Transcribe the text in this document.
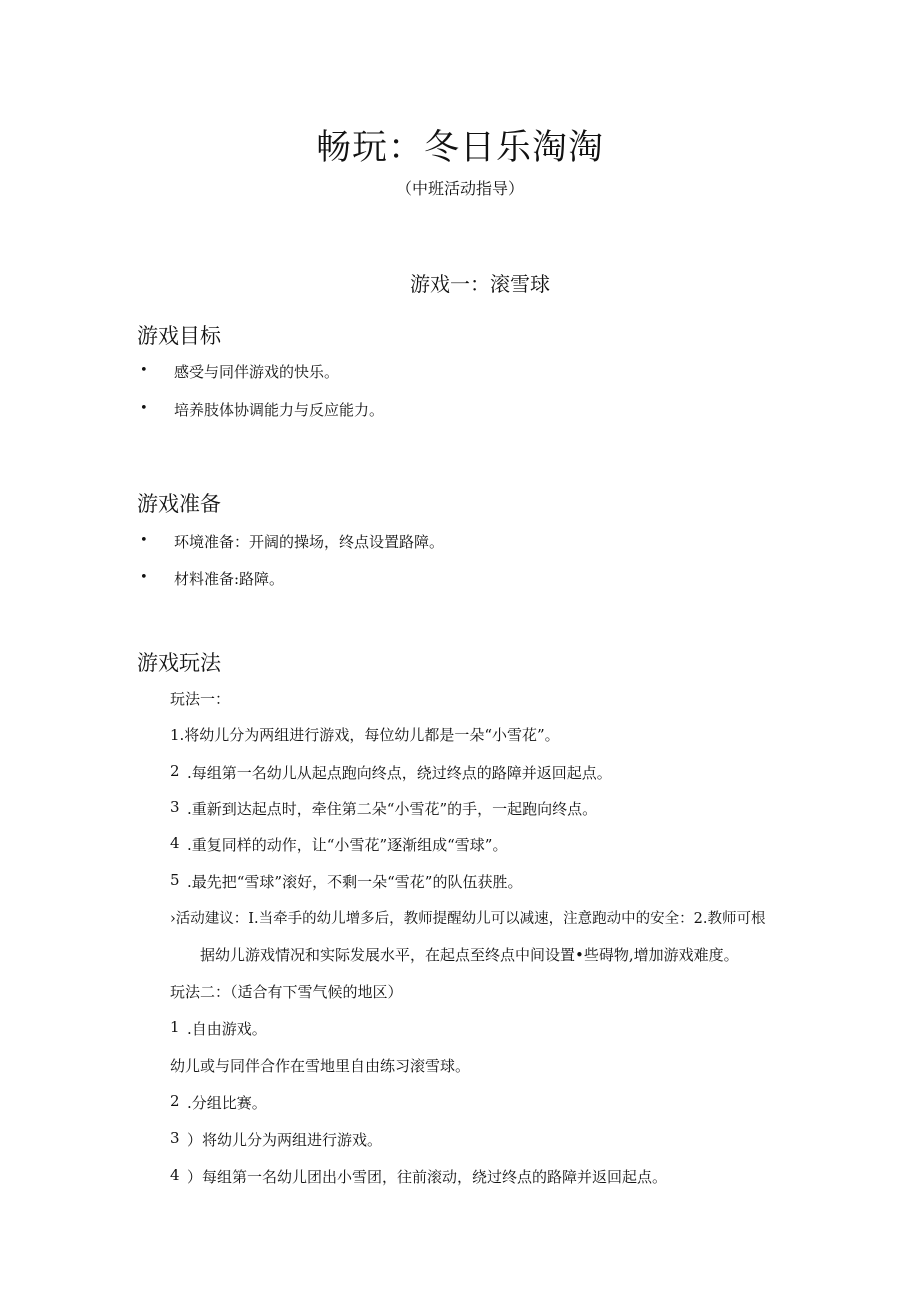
畅玩：冬日乐淘淘
（中班活动指导）
游戏一：滚雪球
游戏目标
• 感受与同伴游戏的快乐。
• 培养肢体协调能力与反应能力。
游戏准备
• 环境准备：开阔的操场，终点设置路障。
• 材料准备:路障。
游戏玩法
玩法一：
1.将幼儿分为两组进行游戏，每位幼儿都是一朵“小雪花”。
2 .每组第一名幼儿从起点跑向终点，绕过终点的路障并返回起点。
3 .重新到达起点时，牵住第二朵“小雪花”的手，一起跑向终点。
4 .重复同样的动作，让“小雪花”逐渐组成“雪球”。
5 .最先把“雪球”滚好，不剩一朵“雪花”的队伍获胜。
›活动建议：I.当牵手的幼儿增多后，教师提醒幼儿可以减速，注意跑动中的安全：2.教师可根
据幼儿游戏情况和实际发展水平，在起点至终点中间设置•些碍物,增加游戏难度。
玩法二：（适合有下雪气候的地区）
1 .自由游戏。
幼儿或与同伴合作在雪地里自由练习滚雪球。
2 .分组比赛。
3 ）将幼儿分为两组进行游戏。
4 ）每组第一名幼儿团出小雪团，往前滚动，绕过终点的路障并返回起点。
